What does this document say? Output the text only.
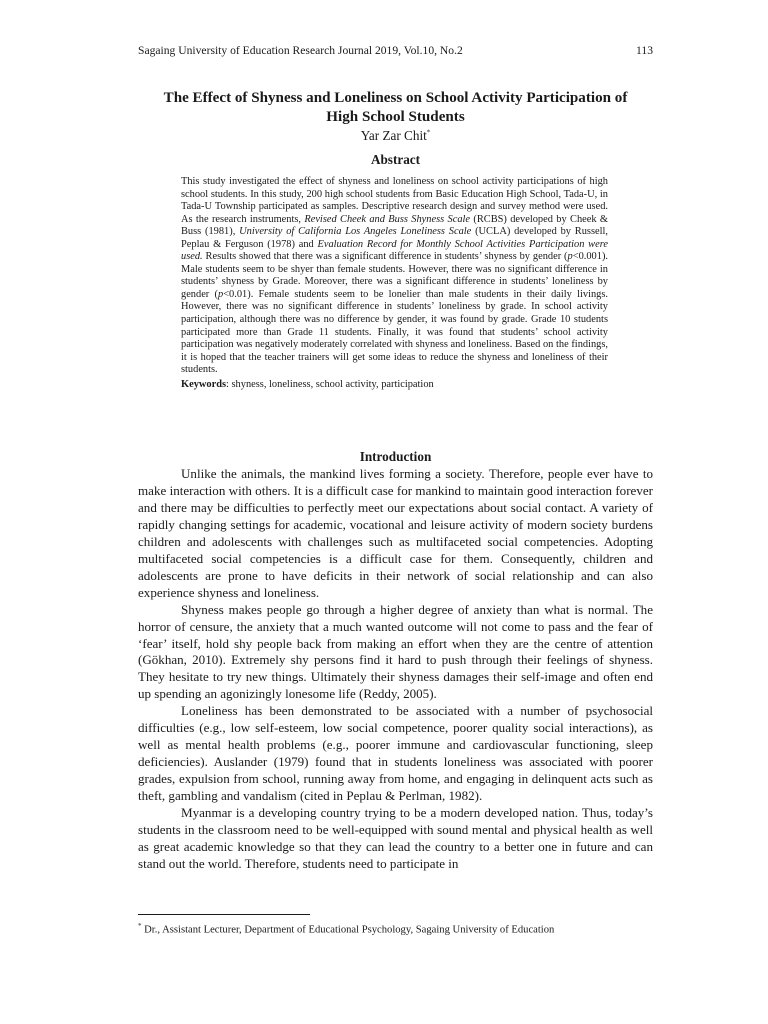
Sagaing University of Education Research Journal 2019, Vol.10, No.2	113
The Effect of Shyness and Loneliness on School Activity Participation of
High School Students
Yar Zar Chit*
Abstract

This study investigated the effect of shyness and loneliness on school activity participations of high school students. In this study, 200 high school students from Basic Education High School, Tada-U, in Tada-U Township participated as samples. Descriptive research design and survey method were used. As the research instruments, Revised Cheek and Buss Shyness Scale (RCBS) developed by Cheek & Buss (1981), University of California Los Angeles Loneliness Scale (UCLA) developed by Russell, Peplau & Ferguson (1978) and Evaluation Record for Monthly School Activities Participation were used. Results showed that there was a significant difference in students’ shyness by gender (p<0.001). Male students seem to be shyer than female students. However, there was no significant difference in students’ shyness by Grade. Moreover, there was a significant difference in students’ loneliness by gender (p<0.01). Female students seem to be lonelier than male students in their daily livings. However, there was no significant difference in students’ loneliness by grade. In school activity participation, although there was no difference by gender, it was found by grade. Grade 10 students participated more than Grade 11 students. Finally, it was found that students’ school activity participation was negatively moderately correlated with shyness and loneliness. Based on the findings, it is hoped that the teacher trainers will get some ideas to reduce the shyness and loneliness of their students.

Keywords: shyness, loneliness, school activity, participation

Introduction

Unlike the animals, the mankind lives forming a society. Therefore, people ever have to make interaction with others. It is a difficult case for mankind to maintain good interaction forever and there may be difficulties to perfectly meet our expectations about social contact. A variety of rapidly changing settings for academic, vocational and leisure activity of modern society burdens children and adolescents with challenges such as multifaceted social competencies. Adopting multifaceted social competencies is a difficult case for them. Consequently, children and adolescents are prone to have deficits in their network of social relationship and can also experience shyness and loneliness.

Shyness makes people go through a higher degree of anxiety than what is normal. The horror of censure, the anxiety that a much wanted outcome will not come to pass and the fear of ‘fear’ itself, hold shy people back from making an effort when they are the centre of attention (Gökhan, 2010). Extremely shy persons find it hard to push through their feelings of shyness. They hesitate to try new things. Ultimately their shyness damages their self-image and often end up spending an agonizingly lonesome life (Reddy, 2005).

Loneliness has been demonstrated to be associated with a number of psychosocial difficulties (e.g., low self-esteem, low social competence, poorer quality social interactions), as well as mental health problems (e.g., poorer immune and cardiovascular functioning, sleep deficiencies). Auslander (1979) found that in students loneliness was associated with poorer grades, expulsion from school, running away from home, and engaging in delinquent acts such as theft, gambling and vandalism (cited in Peplau & Perlman, 1982).

Myanmar is a developing country trying to be a modern developed nation. Thus, today’s students in the classroom need to be well-equipped with sound mental and physical health as well as great academic knowledge so that they can lead the country to a better one in future and can stand out the world. Therefore, students need to participate in

* Dr., Assistant Lecturer, Department of Educational Psychology, Sagaing University of Education
